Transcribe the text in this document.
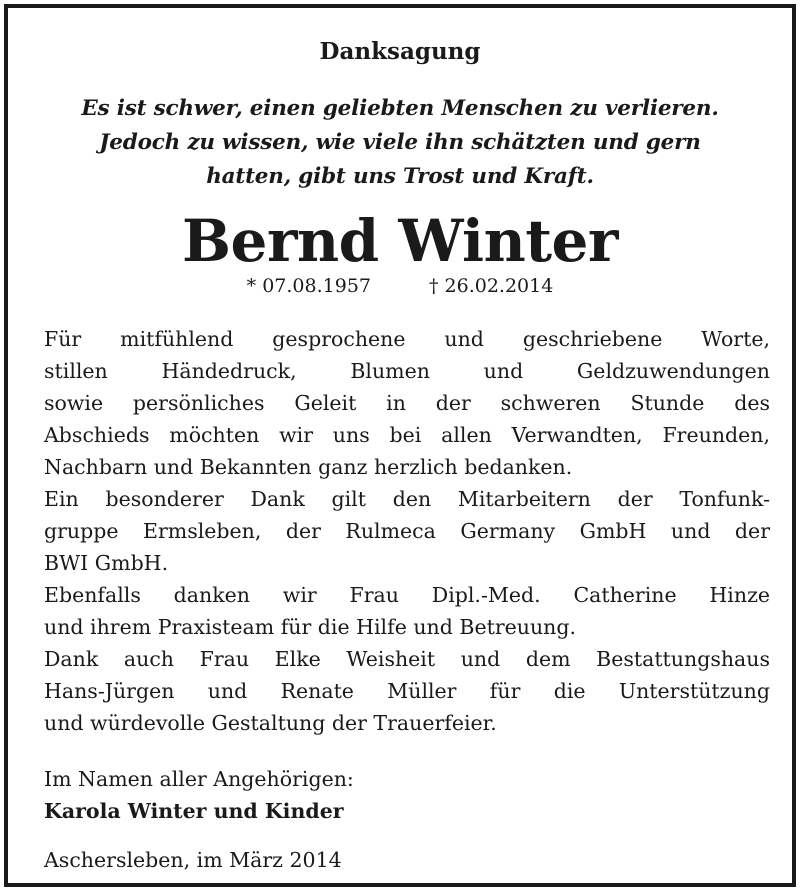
Danksagung
Es ist schwer, einen geliebten Menschen zu verlieren.
Jedoch zu wissen, wie viele ihn schätzten und gern
hatten, gibt uns Trost und Kraft.
Bernd Winter
* 07.08.1957	† 26.02.2014
Für mitfühlend gesprochene und geschriebene Worte,
stillen Händedruck, Blumen und Geldzuwendungen
sowie persönliches Geleit in der schweren Stunde des
Abschieds möchten wir uns bei allen Verwandten, Freunden,
Nachbarn und Bekannten ganz herzlich bedanken.
Ein besonderer Dank gilt den Mitarbeitern der Tonfunk-
gruppe Ermsleben, der Rulmeca Germany GmbH und der
BWI GmbH.
Ebenfalls danken wir Frau Dipl.-Med. Catherine Hinze
und ihrem Praxisteam für die Hilfe und Betreuung.
Dank auch Frau Elke Weisheit und dem Bestattungshaus
Hans-Jürgen und Renate Müller für die Unterstützung
und würdevolle Gestaltung der Trauerfeier.
Im Namen aller Angehörigen:
Karola Winter und Kinder
Aschersleben, im März 2014
